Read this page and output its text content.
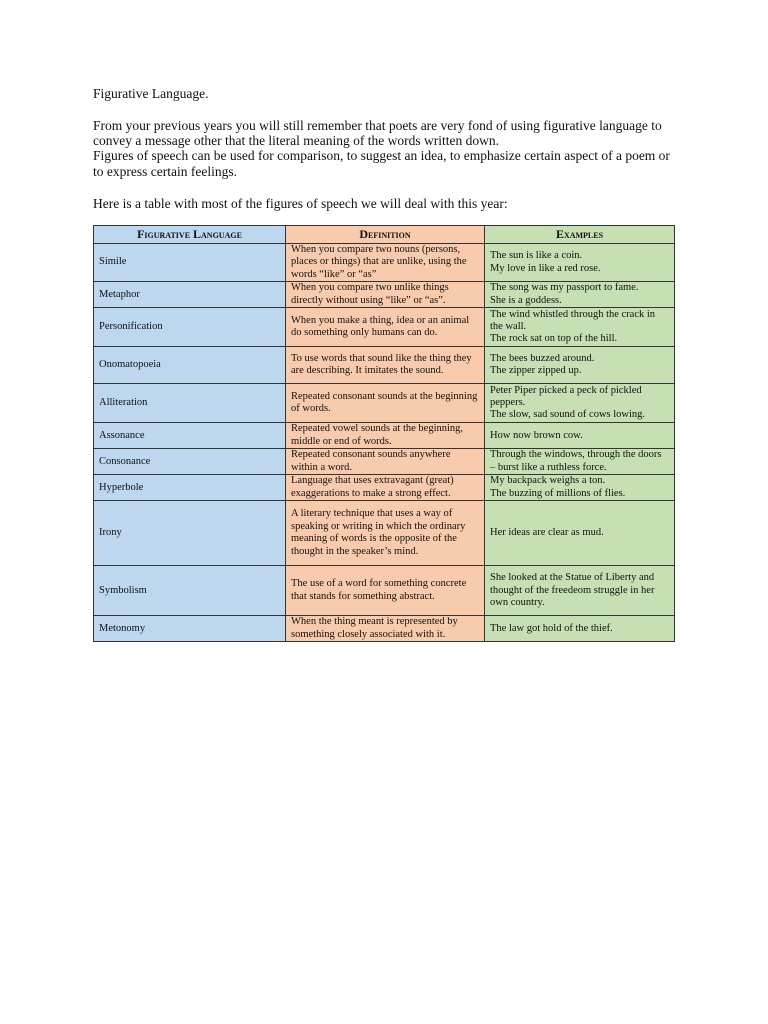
Figurative Language.

From your previous years you will still remember that poets are very fond of using figurative language to convey a message other that the literal meaning of the words written down.

Figures of speech can be used for comparison, to suggest an idea, to emphasize certain aspect of a poem or to express certain feelings.

Here is a table with most of the figures of speech we will deal with this year:
Figurative Language	Definition	Examples
Simile	When you compare two nouns (persons, places or things) that are unlike, using the words “like” or “as”	The sun is like a coin.
My love in like a red rose.

Metaphor	When you compare two unlike things directly without using “like” or “as”.	The song was my passport to fame.
She is a goddess.

Personification	When you make a thing, idea or an animal do something only humans can do.	The wind whistled through the crack in the wall.
The rock sat on top of the hill.

Onomatopoeia	To use words that sound like the thing they are describing. It imitates the sound.	The bees buzzed around.
The zipper zipped up.

Alliteration	Repeated consonant sounds at the beginning of words.	Peter Piper picked a peck of pickled peppers.
The slow, sad sound of cows lowing.

Assonance	Repeated vowel sounds at the beginning, middle or end of words.	How now brown cow.

Consonance	Repeated consonant sounds anywhere within a word.	Through the windows, through the doors – burst like a ruthless force.

Hyperbole	Language that uses extravagant (great) exaggerations to make a strong effect.	My backpack weighs a ton.
The buzzing of millions of flies.

Irony	A literary technique that uses a way of speaking or writing in which the ordinary meaning of words is the opposite of the thought in the speaker’s mind.	Her ideas are clear as mud.

Symbolism	The use of a word for something concrete that stands for something abstract.	She looked at the Statue of Liberty and thought of the freedeom struggle in her own country.

Metonomy	When the thing meant is represented by something closely associated with it.	The law got hold of the thief.
